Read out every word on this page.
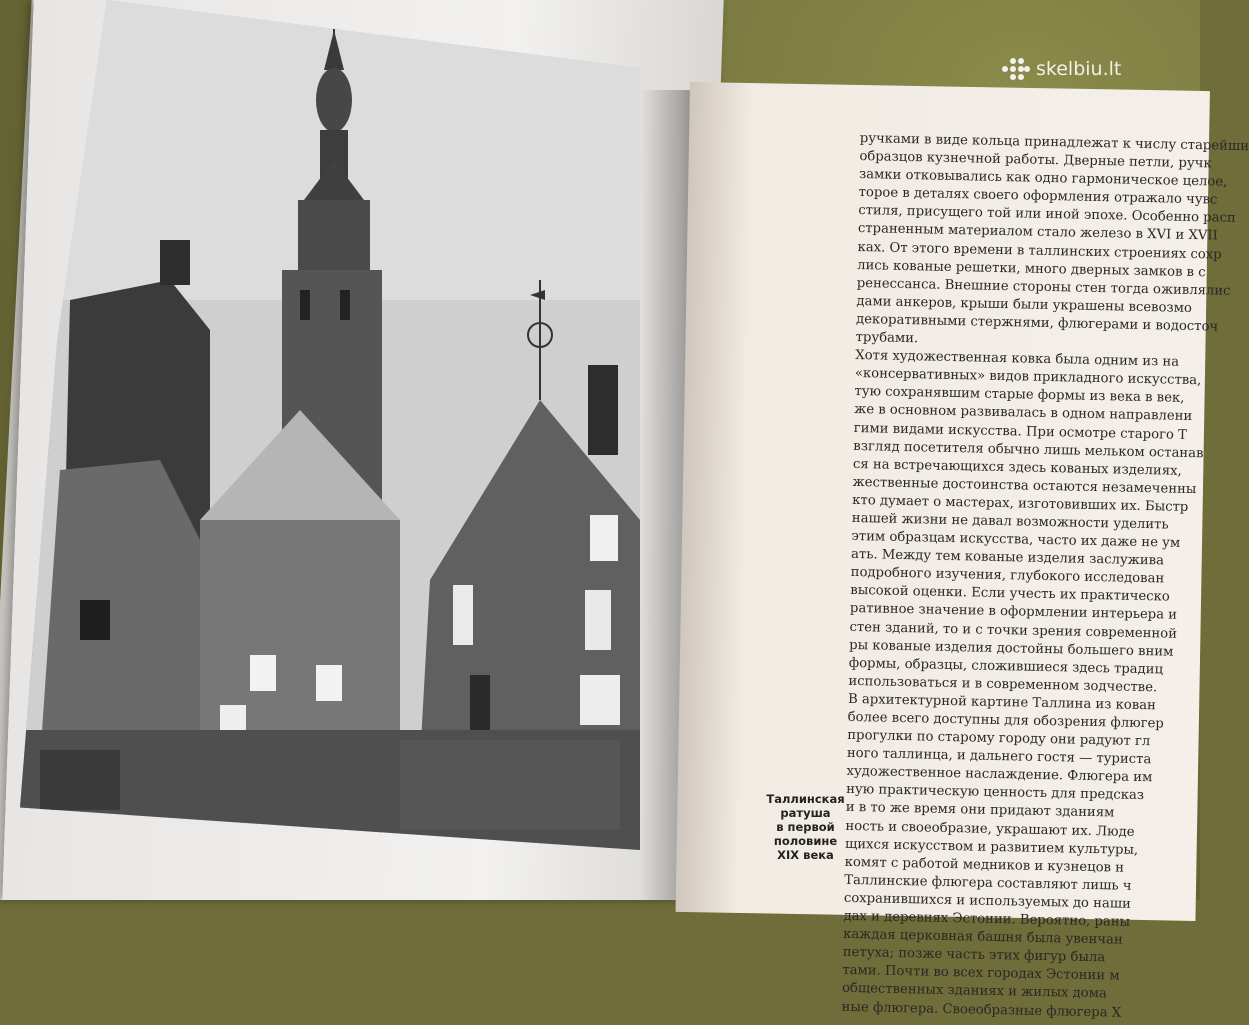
Таллинская
ратуша
в первой
половине
XIX века
ручками в виде кольца принадлежат к числу старейши
образцов кузнечной работы. Дверные петли, ручк
замки отковывались как одно гармоническое целое,
торое в деталях своего оформления отражало чувс
стиля, присущего той или иной эпохе. Особенно расп
страненным материалом стало железо в XVI и XVII
ках. От этого времени в таллинских строениях сохр
лись кованые решетки, много дверных замков в с
ренессанса. Внешние стороны стен тогда оживлялис
дами анкеров, крыши были украшены всевозмо
декоративными стержнями, флюгерами и водосточ
трубами.
Хотя художественная ковка была одним из на
«консервативных» видов прикладного искусства,
тую сохранявшим старые формы из века в век,
же в основном развивалась в одном направлени
гими видами искусства. При осмотре старого Т
взгляд посетителя обычно лишь мельком останав
ся на встречающихся здесь кованых изделиях,
жественные достоинства остаются незамеченны
кто думает о мастерах, изготовивших их. Быстр
нашей жизни не давал возможности уделить
этим образцам искусства, часто их даже не ум
ать. Между тем кованые изделия заслужива
подробного изучения, глубокого исследован
высокой оценки. Если учесть их практическо
ративное значение в оформлении интерьера и
стен зданий, то и с точки зрения современной
ры кованые изделия достойны большего вним
формы, образцы, сложившиеся здесь традиц
использоваться и в современном зодчестве.
В архитектурной картине Таллина из кован
более всего доступны для обозрения флюгер
прогулки по старому городу они радуют гл
ного таллинца, и дальнего гостя — туриста
художественное наслаждение. Флюгера им
ную практическую ценность для предсказ
и в то же время они придают зданиям
ность и своеобразие, украшают их. Люде
щихся искусством и развитием культуры,
комят с работой медников и кузнецов н
Таллинские флюгера составляют лишь ч
сохранившихся и используемых до наши
дах и деревнях Эстонии. Вероятно, раны
каждая церковная башня была увенчан
петуха; позже часть этих фигур была
тами. Почти во всех городах Эстонии м
общественных зданиях и жилых дома
ные флюгера. Своеобразные флюгера Х
skelbiu.lt
